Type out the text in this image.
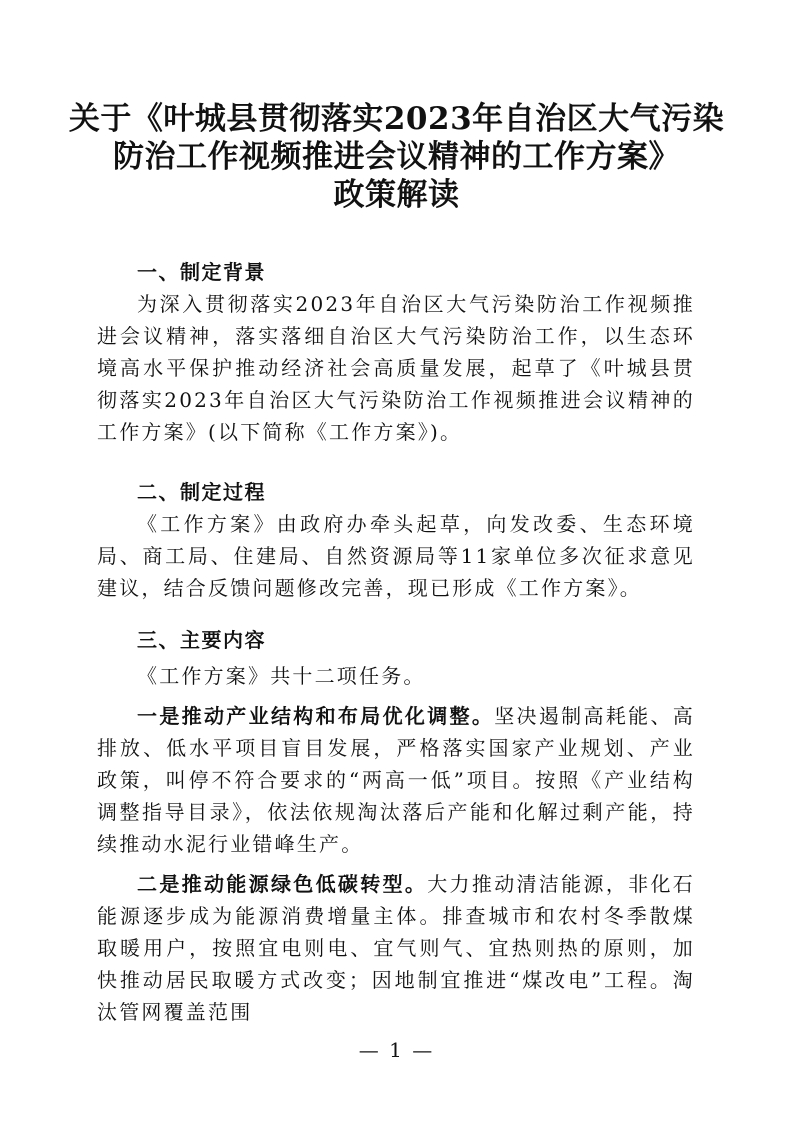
关于《叶城县贯彻落实2023年自治区大气污染
防治工作视频推进会议精神的工作方案》
政策解读
一、制定背景

为深入贯彻落实2023年自治区大气污染防治工作视频推进会议精神，落实落细自治区大气污染防治工作，以生态环境高水平保护推动经济社会高质量发展，起草了《叶城县贯彻落实2023年自治区大气污染防治工作视频推进会议精神的工作方案》(以下简称《工作方案》)。

二、制定过程

《工作方案》由政府办牵头起草，向发改委、生态环境局、商工局、住建局、自然资源局等11家单位多次征求意见建议，结合反馈问题修改完善，现已形成《工作方案》。

三、主要内容

《工作方案》共十二项任务。

一是推动产业结构和布局优化调整。坚决遏制高耗能、高排放、低水平项目盲目发展，严格落实国家产业规划、产业政策，叫停不符合要求的“两高一低”项目。按照《产业结构调整指导目录》，依法依规淘汰落后产能和化解过剩产能，持续推动水泥行业错峰生产。

二是推动能源绿色低碳转型。大力推动清洁能源，非化石能源逐步成为能源消费增量主体。排查城市和农村冬季散煤取暖用户，按照宜电则电、宜气则气、宜热则热的原则，加快推动居民取暖方式改变；因地制宜推进“煤改电”工程。淘汰管网覆盖范围

— 1 —
